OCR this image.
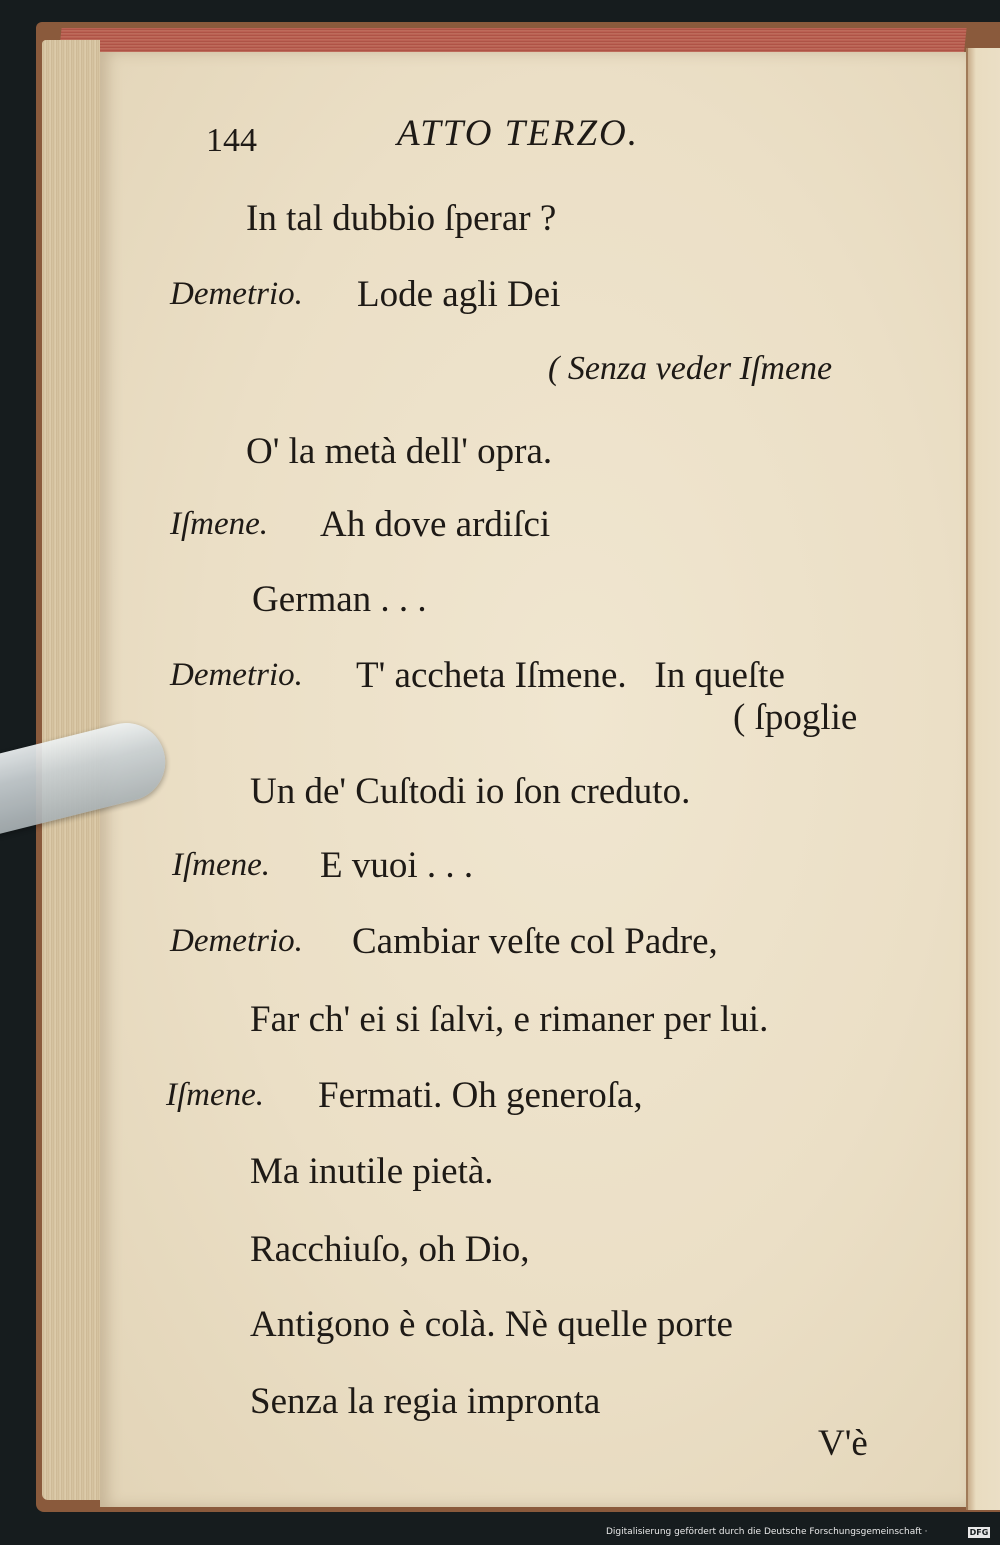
144	ATTO TERZO.
In tal dubbio ſperar ?
Demetrio. Lode agli Dei
( Senza veder Iſmene
O' la metà dell' opra.
Iſmene. Ah dove ardiſci
German . . .
Demetrio. T' accheta Iſmene.   In queſte
( ſpoglie
Un de' Cuſtodi io ſon creduto.
Iſmene. E vuoi . . .
Demetrio. Cambiar veſte col Padre,
Far ch' ei si ſalvi, e rimaner per lui.
Iſmene. Fermati. Oh generoſa,
Ma inutile pietà.
Racchiuſo, oh Dio,
Antigono è colà. Nè quelle porte
Senza la regia impronta
V'è
Digitalisierung gefördert durch die Deutsche Forschungsgemeinschaft ·	DFG
